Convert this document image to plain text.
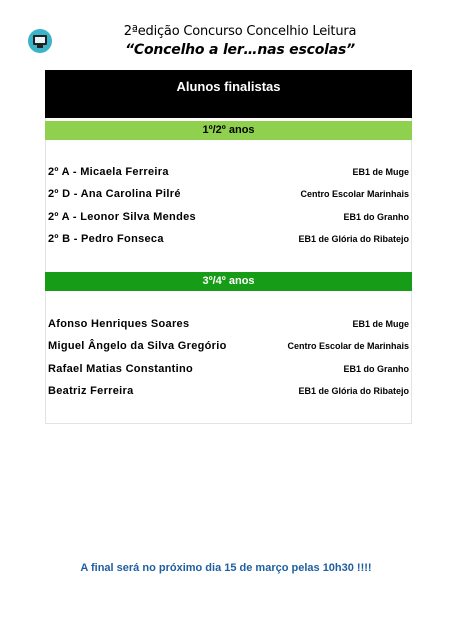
2ªedição Concurso Concelhio Leitura
“Concelho a ler…nas escolas”
Alunos finalistas
1º/2º anos
2º A - Micaela Ferreira	EB1 de Muge
2º D - Ana Carolina Pilré	Centro Escolar Marinhais
2º A - Leonor Silva Mendes	EB1 do Granho
2º B - Pedro Fonseca	EB1 de Glória do Ribatejo
3º/4º anos
Afonso Henriques Soares	EB1 de Muge
Miguel Ângelo da Silva Gregório	Centro Escolar de Marinhais
Rafael Matias Constantino	EB1 do Granho
Beatriz Ferreira	EB1 de Glória do Ribatejo
A final será no próximo dia 15 de março pelas 10h30 !!!!
